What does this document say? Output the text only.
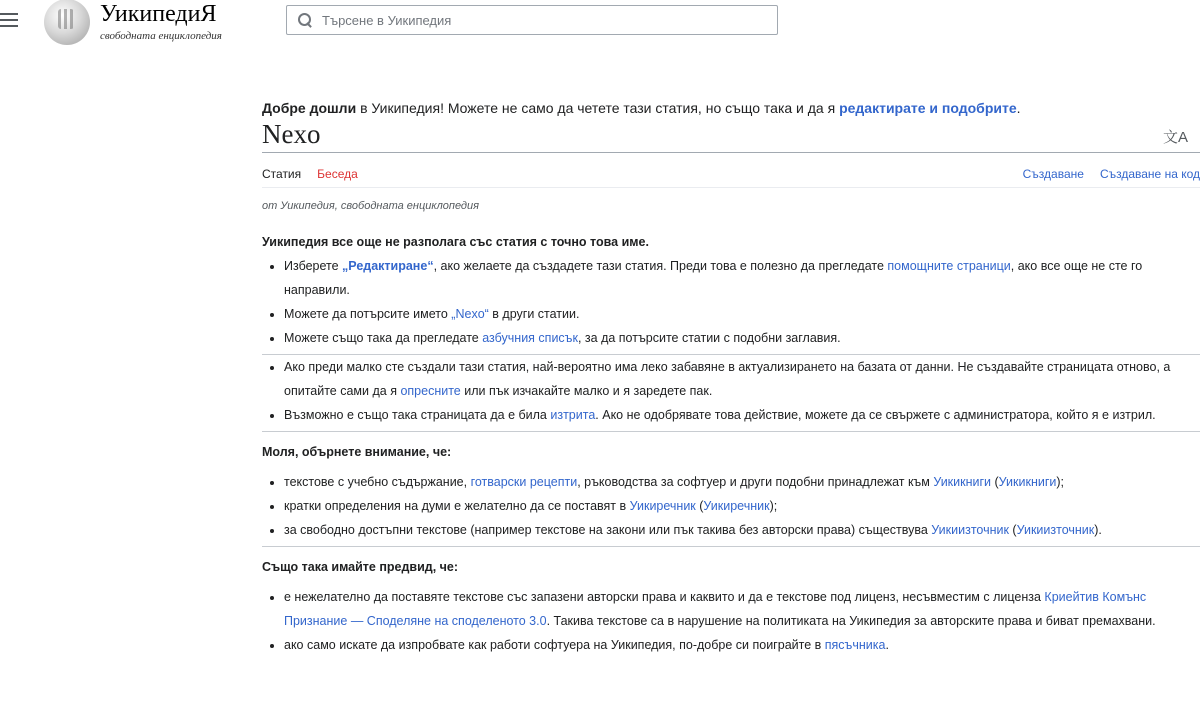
УикипедиЯ
свободната енциклопедия
Търсене в Уикипедия
Добре дошли в Уикипедия! Можете не само да четете тази статия, но също така и да я редактирате и подобрите.
Nexo	文A
Статия Беседа	Създаване Създаване на код
от Уикипедия, свободната енциклопедия

Уикипедия все още не разполага със статия с точно това име.

• Изберете „Редактиране“, ако желаете да създадете тази статия. Преди това е полезно да прегледате помощните страници, ако все още не сте го направили.
• Можете да потърсите името „Nexo“ в други статии.
• Можете също така да прегледате азбучния списък, за да потърсите статии с подобни заглавия.
• Ако преди малко сте създали тази статия, най-вероятно има леко забавяне в актуализирането на базата от данни. Не създавайте страницата отново, а опитайте сами да я опресните или пък изчакайте малко и я заредете пак.
• Възможно е също така страницата да е била изтрита. Ако не одобрявате това действие, можете да се свържете с администратора, който я е изтрил.

Моля, обърнете внимание, че:

• текстове с учебно съдържание, готварски рецепти, ръководства за софтуер и други подобни принадлежат към Уикикниги (Уикикниги);
• кратки определения на думи е желателно да се поставят в Уикиречник (Уикиречник);
• за свободно достъпни текстове (например текстове на закони или пък такива без авторски права) съществува Уикиизточник (Уикиизточник).

Също така имайте предвид, че:

• е нежелателно да поставяте текстове със запазени авторски права и каквито и да е текстове под лиценз, несъвместим с лиценза Криейтив Комънс Признание — Споделяне на споделеното 3.0. Такива текстове са в нарушение на политиката на Уикипедия за авторските права и биват премахвани.
• ако само искате да изпробвате как работи софтуера на Уикипедия, по-добре си поиграйте в пясъчника.
